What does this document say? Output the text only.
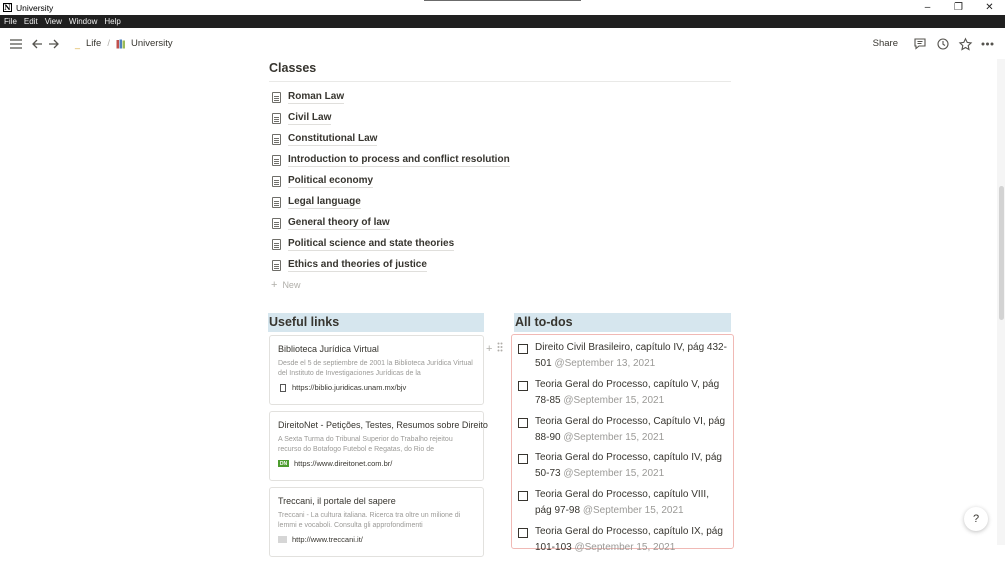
N University	–	❐	✕
File Edit View Window Help
_ Life / University	Share
Classes
Roman Law
Civil Law
Constitutional Law
Introduction to process and conflict resolution
Political economy
Legal language
General theory of law
Political science and state theories
Ethics and theories of justice
+ New
Useful links
+
Biblioteca Jurídica Virtual
Desde el 5 de septiembre de 2001 la Biblioteca Jurídica Virtual del Instituto de Investigaciones Jurídicas de la
https://biblio.juridicas.unam.mx/bjv
DireitoNet - Petições, Testes, Resumos sobre Direito
A Sexta Turma do Tribunal Superior do Trabalho rejeitou recurso do Botafogo Futebol e Regatas, do Rio de
DN https://www.direitonet.com.br/
Treccani, il portale del sapere
Treccani - La cultura italiana. Ricerca tra oltre un milione di lemmi e vocaboli. Consulta gli approfondimenti
http://www.treccani.it/
All to-dos
Direito Civil Brasileiro, capítulo IV, pág 432-501 @September 13, 2021
Teoria Geral do Processo, capítulo V, pág 78-85 @September 15, 2021
Teoria Geral do Processo, Capítulo VI, pág 88-90 @September 15, 2021
Teoria Geral do Processo, capítulo IV, pág 50-73 @September 15, 2021
Teoria Geral do Processo, capítulo VIII, pág 97-98 @September 15, 2021
Teoria Geral do Processo, capítulo IX, pág 101-103 @September 15, 2021
?
